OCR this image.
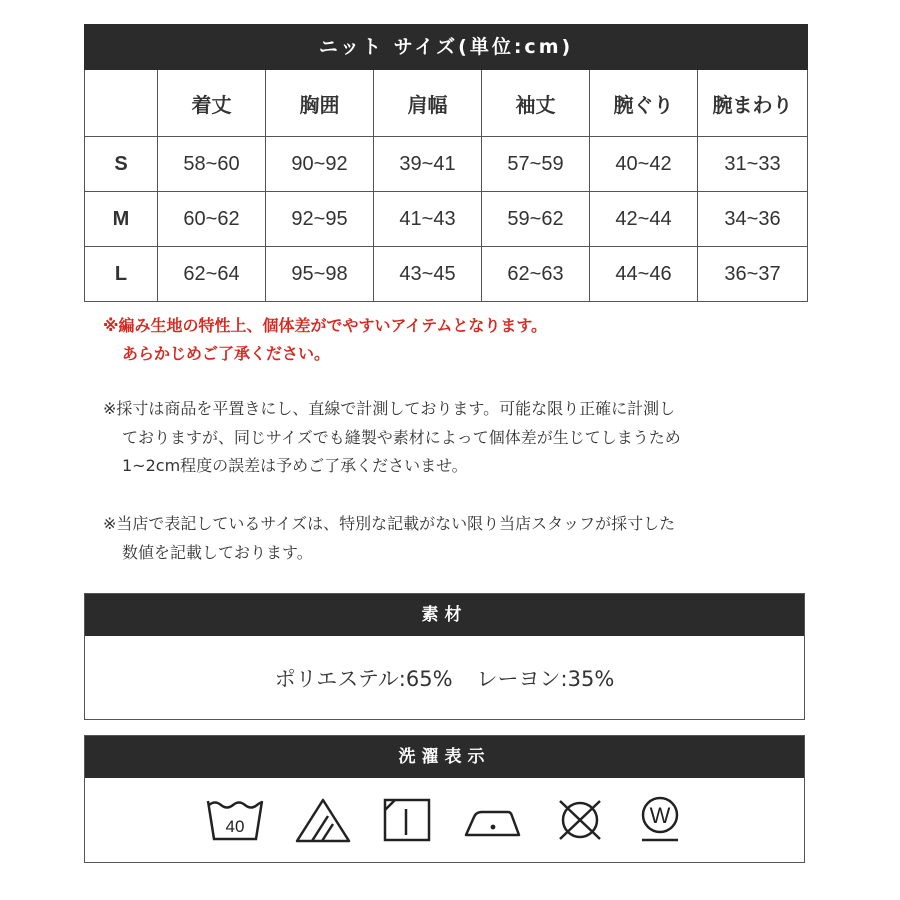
ニット サイズ(単位:cm)						
	着丈	胸囲	肩幅	袖丈	腕ぐり	腕まわり
S	58~60	90~92	39~41	57~59	40~42	31~33
M	60~62	92~95	41~43	59~62	42~44	34~36
L	62~64	95~98	43~45	62~63	44~46	36~37

※編み生地の特性上、個体差がでやすいアイテムとなります。
あらかじめご了承ください。

※採寸は商品を平置きにし、直線で計測しております。可能な限り正確に計測し
ておりますが、同じサイズでも縫製や素材によって個体差が生じてしまうため
1~2cm程度の誤差は予めご了承くださいませ。

※当店で表記しているサイズは、特別な記載がない限り当店スタッフが採寸した
数値を記載しております。

素材
ポリエステル:65% レーヨン:35%
洗濯表示
40	W
